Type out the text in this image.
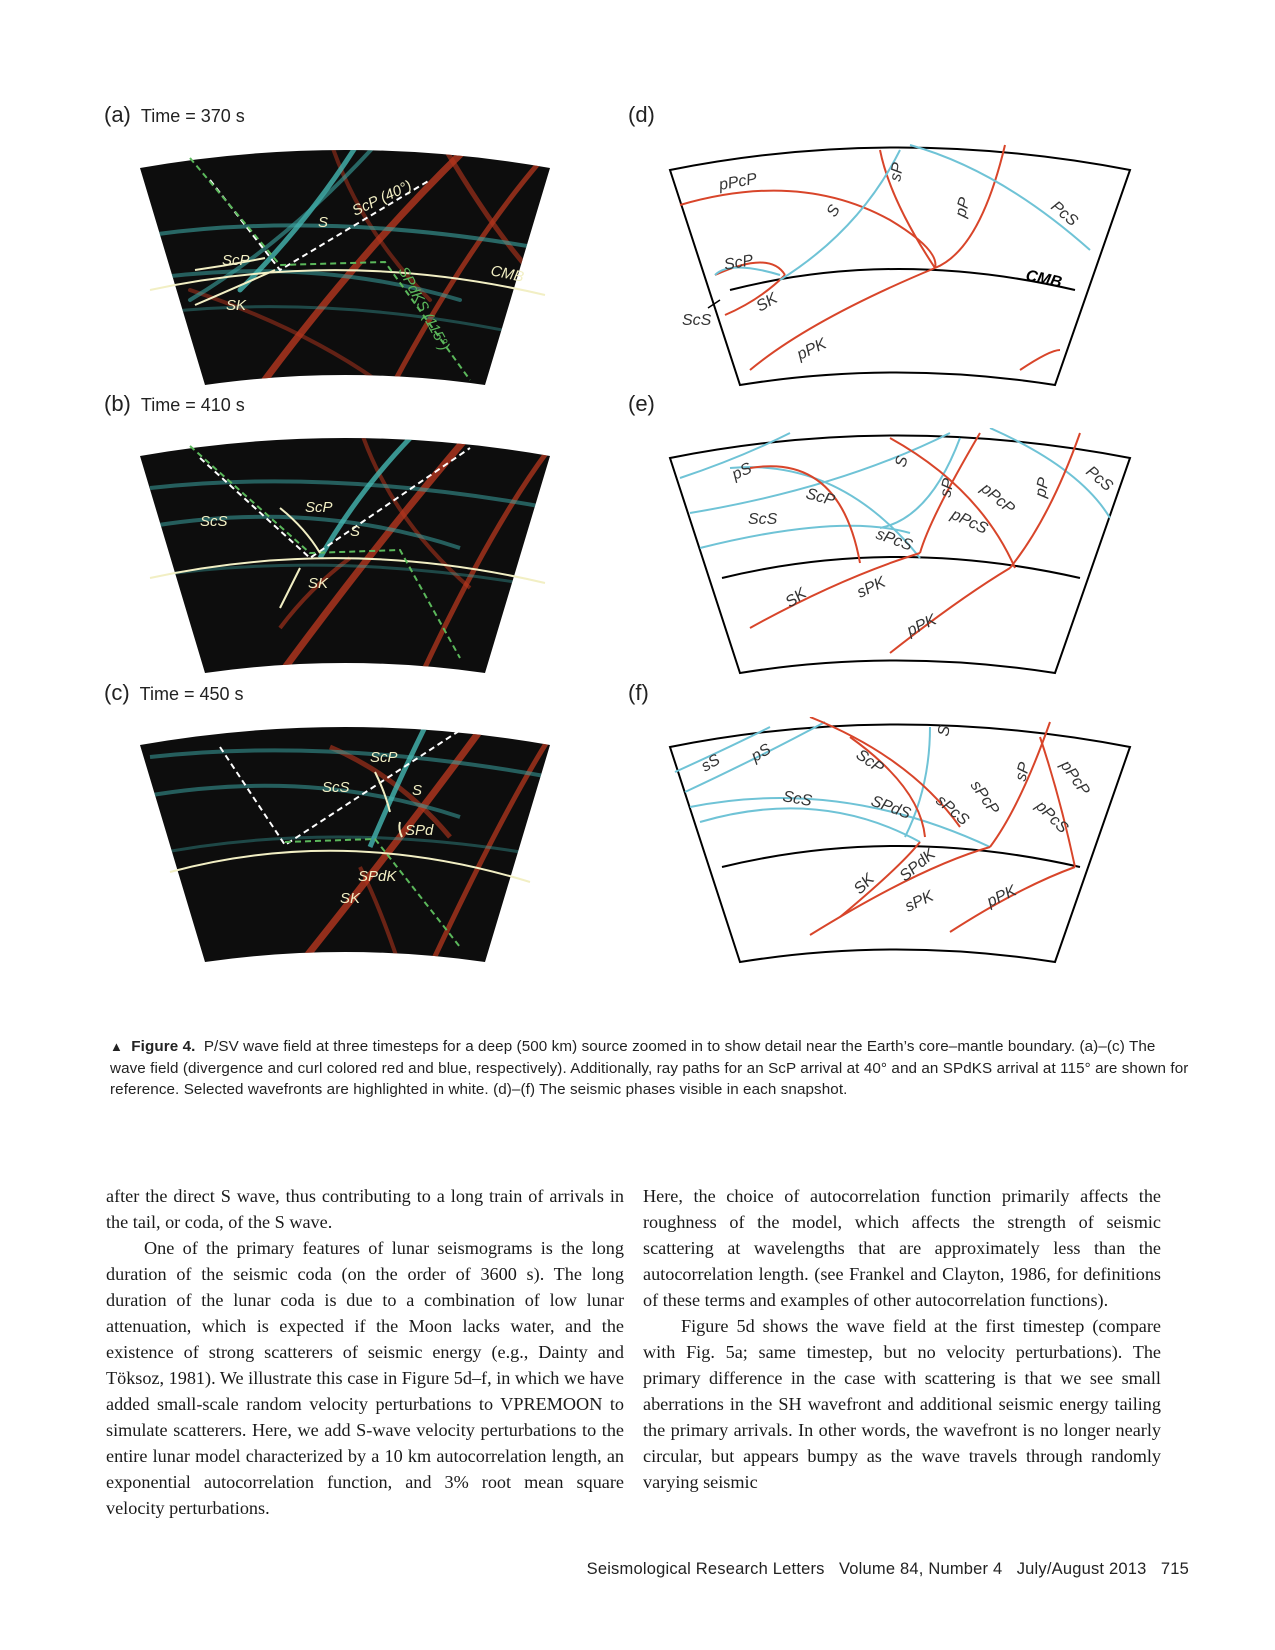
(a) Time = 370 s
(b) Time = 410 s
(c) Time = 450 s
(d)
(e)
(f)
ScP (40°)
S
ScP
SK
CMB
SPdKS (115°)
ScS
ScP
S
SK
ScP
ScS	S
SPd
SPdK
SK
pPcP	sP
S	pP	PcS
ScP
CMB
ScS
SK
pPK
pS	S
sP pPcP pP PcS
ScP
ScS	pPcS
sPcS
SK	sPK
pPK
sS pS	ScP
S
sP pPcP
ScS	SPdS sPcS
sPcP pPcS
SK SPdK
sPK	pPK
▲ Figure 4. P/SV wave field at three timesteps for a deep (500 km) source zoomed in to show detail near the Earth’s core–mantle boundary. (a)–(c) The wave field (divergence and curl colored red and blue, respectively). Additionally, ray paths for an ScP arrival at 40° and an SPdKS arrival at 115° are shown for reference. Selected wavefronts are highlighted in white. (d)–(f) The seismic phases visible in each snapshot.

after the direct S wave, thus contributing to a long train of arrivals in the tail, or coda, of the S wave.

One of the primary features of lunar seismograms is the long duration of the seismic coda (on the order of 3600 s). The long duration of the lunar coda is due to a combination of low lunar attenuation, which is expected if the Moon lacks water, and the existence of strong scatterers of seismic energy (e.g., Dainty and Töksoz, 1981). We illustrate this case in Figure 5d–f, in which we have added small-scale random velocity perturbations to VPREMOON to simulate scatterers. Here, we add S-wave velocity perturbations to the entire lunar model characterized by a 10 km autocorrelation length, an exponential autocorrelation function, and 3% root mean square velocity perturbations.

Here, the choice of autocorrelation function primarily affects the roughness of the model, which affects the strength of seismic scattering at wavelengths that are approximately less than the autocorrelation length. (see Frankel and Clayton, 1986, for definitions of these terms and examples of other autocorrelation functions).

Figure 5d shows the wave field at the first timestep (compare with Fig. 5a; same timestep, but no velocity perturbations). The primary difference in the case with scattering is that we see small aberrations in the SH wavefront and additional seismic energy tailing the primary arrivals. In other words, the wavefront is no longer nearly circular, but appears bumpy as the wave travels through randomly varying seismic

Seismological Research Letters   Volume 84, Number 4   July/August 2013   715
